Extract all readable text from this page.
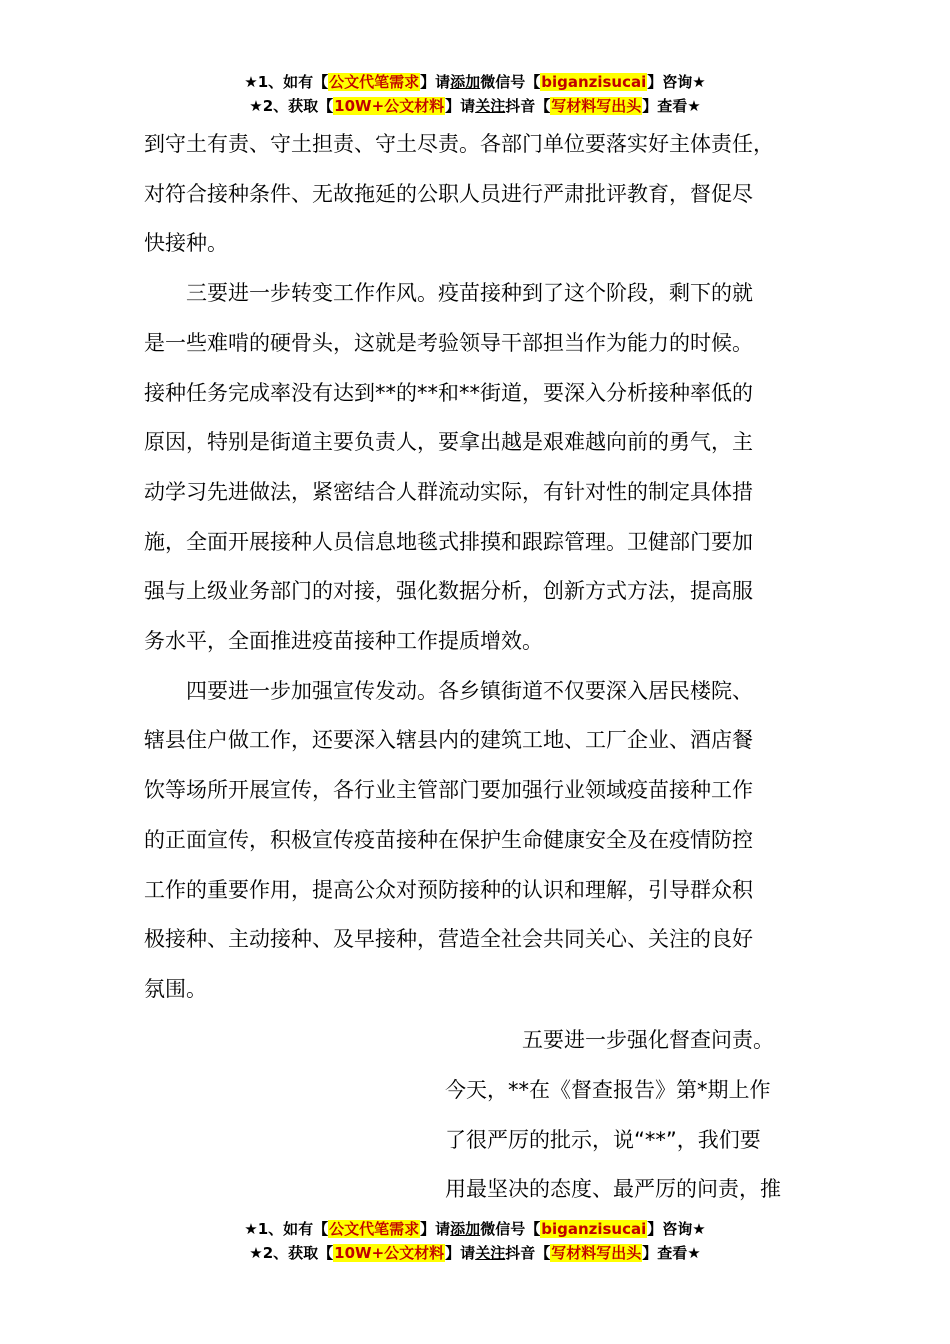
★1、如有【公文代笔需求】请添加微信号【biganzisucai】咨询★
★2、获取【10W+公文材料】请关注抖音【写材料写出头】查看★

到守土有责、守土担责、守土尽责。各部门单位要落实好主体责任，

对符合接种条件、无故拖延的公职人员进行严肃批评教育，督促尽

快接种。

　　三要进一步转变工作作风。疫苗接种到了这个阶段，剩下的就

是一些难啃的硬骨头，这就是考验领导干部担当作为能力的时候。

接种任务完成率没有达到**的**和**街道，要深入分析接种率低的

原因，特别是街道主要负责人，要拿出越是艰难越向前的勇气，主

动学习先进做法，紧密结合人群流动实际，有针对性的制定具体措

施，全面开展接种人员信息地毯式排摸和跟踪管理。卫健部门要加

强与上级业务部门的对接，强化数据分析，创新方式方法，提高服

务水平，全面推进疫苗接种工作提质增效。

　　四要进一步加强宣传发动。各乡镇街道不仅要深入居民楼院、

辖县住户做工作，还要深入辖县内的建筑工地、工厂企业、酒店餐

饮等场所开展宣传，各行业主管部门要加强行业领域疫苗接种工作

的正面宣传，积极宣传疫苗接种在保护生命健康安全及在疫情防控

工作的重要作用，提高公众对预防接种的认识和理解，引导群众积

极接种、主动接种、及早接种，营造全社会共同关心、关注的良好

氛围。

五要进一步强化督查问责。

今天，**在《督查报告》第*期上作

了很严厉的批示，说“**”，我们要

用最坚决的态度、最严厉的问责，推

★1、如有【公文代笔需求】请添加微信号【biganzisucai】咨询★
★2、获取【10W+公文材料】请关注抖音【写材料写出头】查看★
